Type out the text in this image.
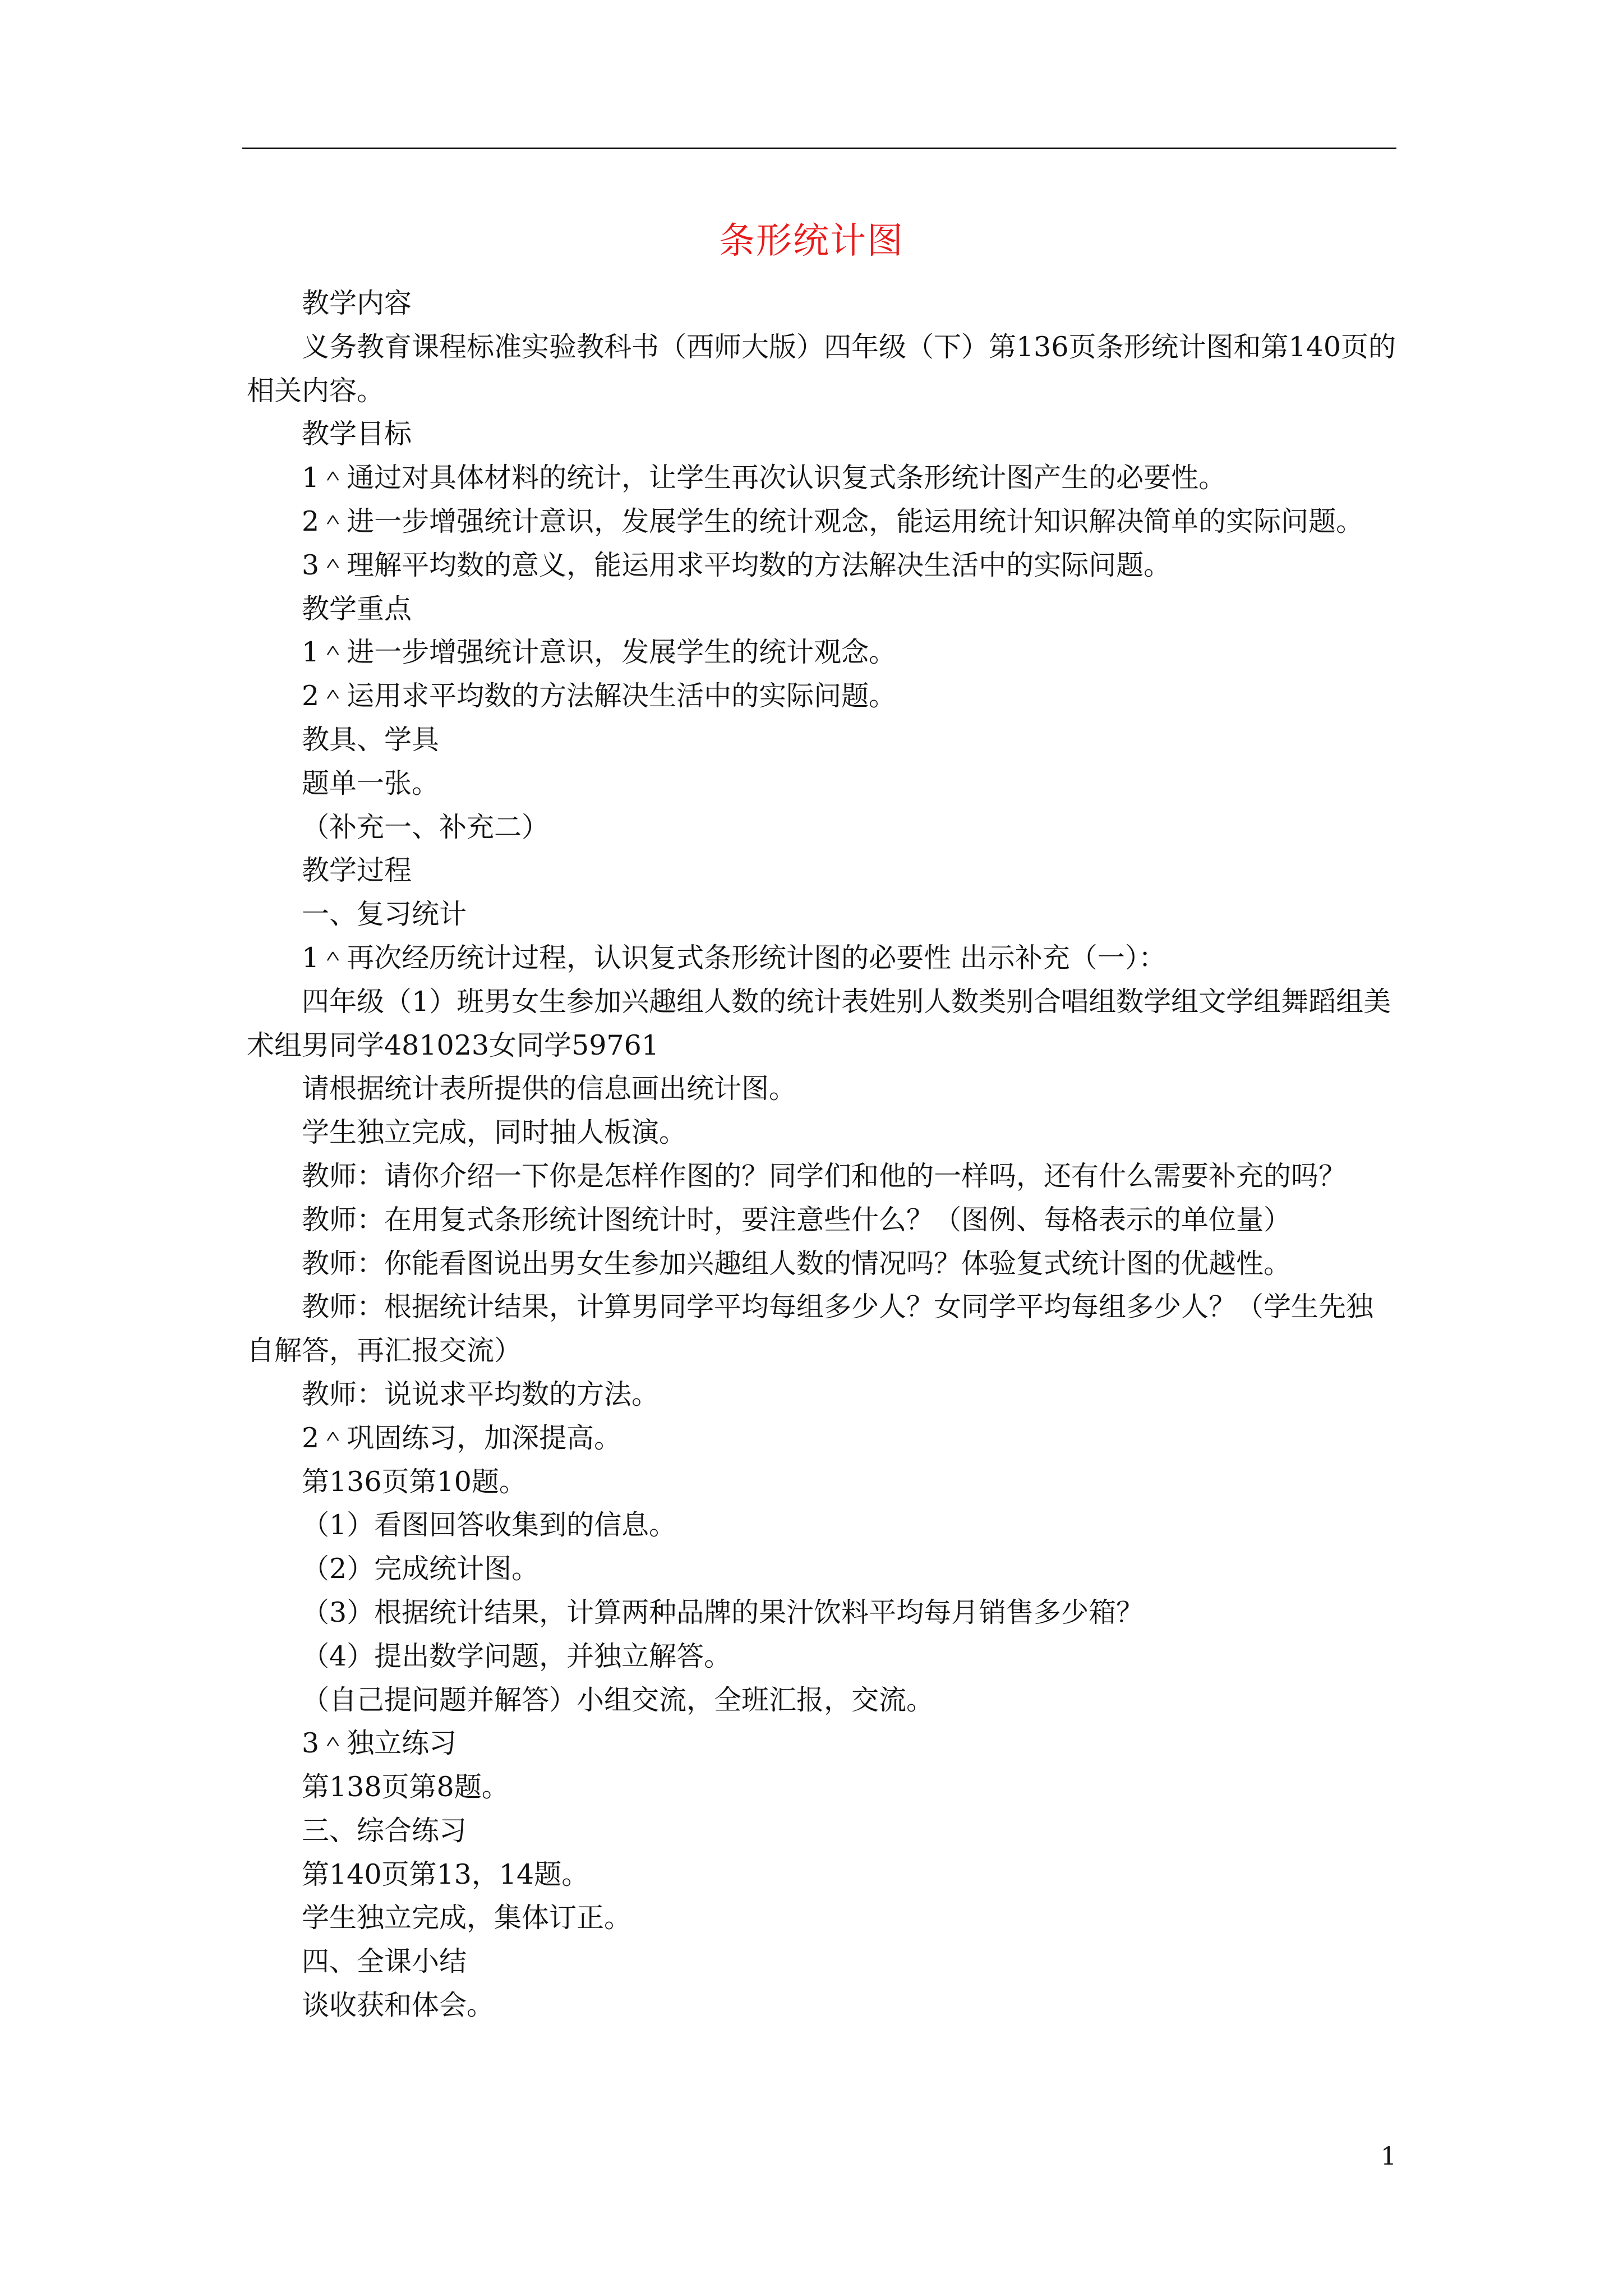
条形统计图

教学内容

义务教育课程标准实验教科书（西师大版）四年级（下）第136页条形统计图和第140页的相关内容。

教学目标

1＾通过对具体材料的统计，让学生再次认识复式条形统计图产生的必要性。

2＾进一步增强统计意识，发展学生的统计观念，能运用统计知识解决简单的实际问题。

3＾理解平均数的意义，能运用求平均数的方法解决生活中的实际问题。

教学重点

1＾进一步增强统计意识，发展学生的统计观念。

2＾运用求平均数的方法解决生活中的实际问题。

教具、学具

题单一张。

（补充一、补充二）

教学过程

一、复习统计

1＾再次经历统计过程，认识复式条形统计图的必要性 出示补充（一）：

四年级（1）班男女生参加兴趣组人数的统计表姓别人数类别合唱组数学组文学组舞蹈组美术组男同学481023女同学59761

请根据统计表所提供的信息画出统计图。

学生独立完成，同时抽人板演。

教师：请你介绍一下你是怎样作图的？同学们和他的一样吗，还有什么需要补充的吗？

教师：在用复式条形统计图统计时，要注意些什么？（图例、每格表示的单位量）

教师：你能看图说出男女生参加兴趣组人数的情况吗？体验复式统计图的优越性。

教师：根据统计结果，计算男同学平均每组多少人？女同学平均每组多少人？（学生先独自解答，再汇报交流）

教师：说说求平均数的方法。

2＾巩固练习，加深提高。

第136页第10题。

（1）看图回答收集到的信息。

（2）完成统计图。

（3）根据统计结果，计算两种品牌的果汁饮料平均每月销售多少箱？

（4）提出数学问题，并独立解答。

（自己提问题并解答）小组交流，全班汇报，交流。

3＾独立练习

第138页第8题。

三、综合练习

第140页第13，14题。

学生独立完成，集体订正。

四、全课小结

谈收获和体会。

1
